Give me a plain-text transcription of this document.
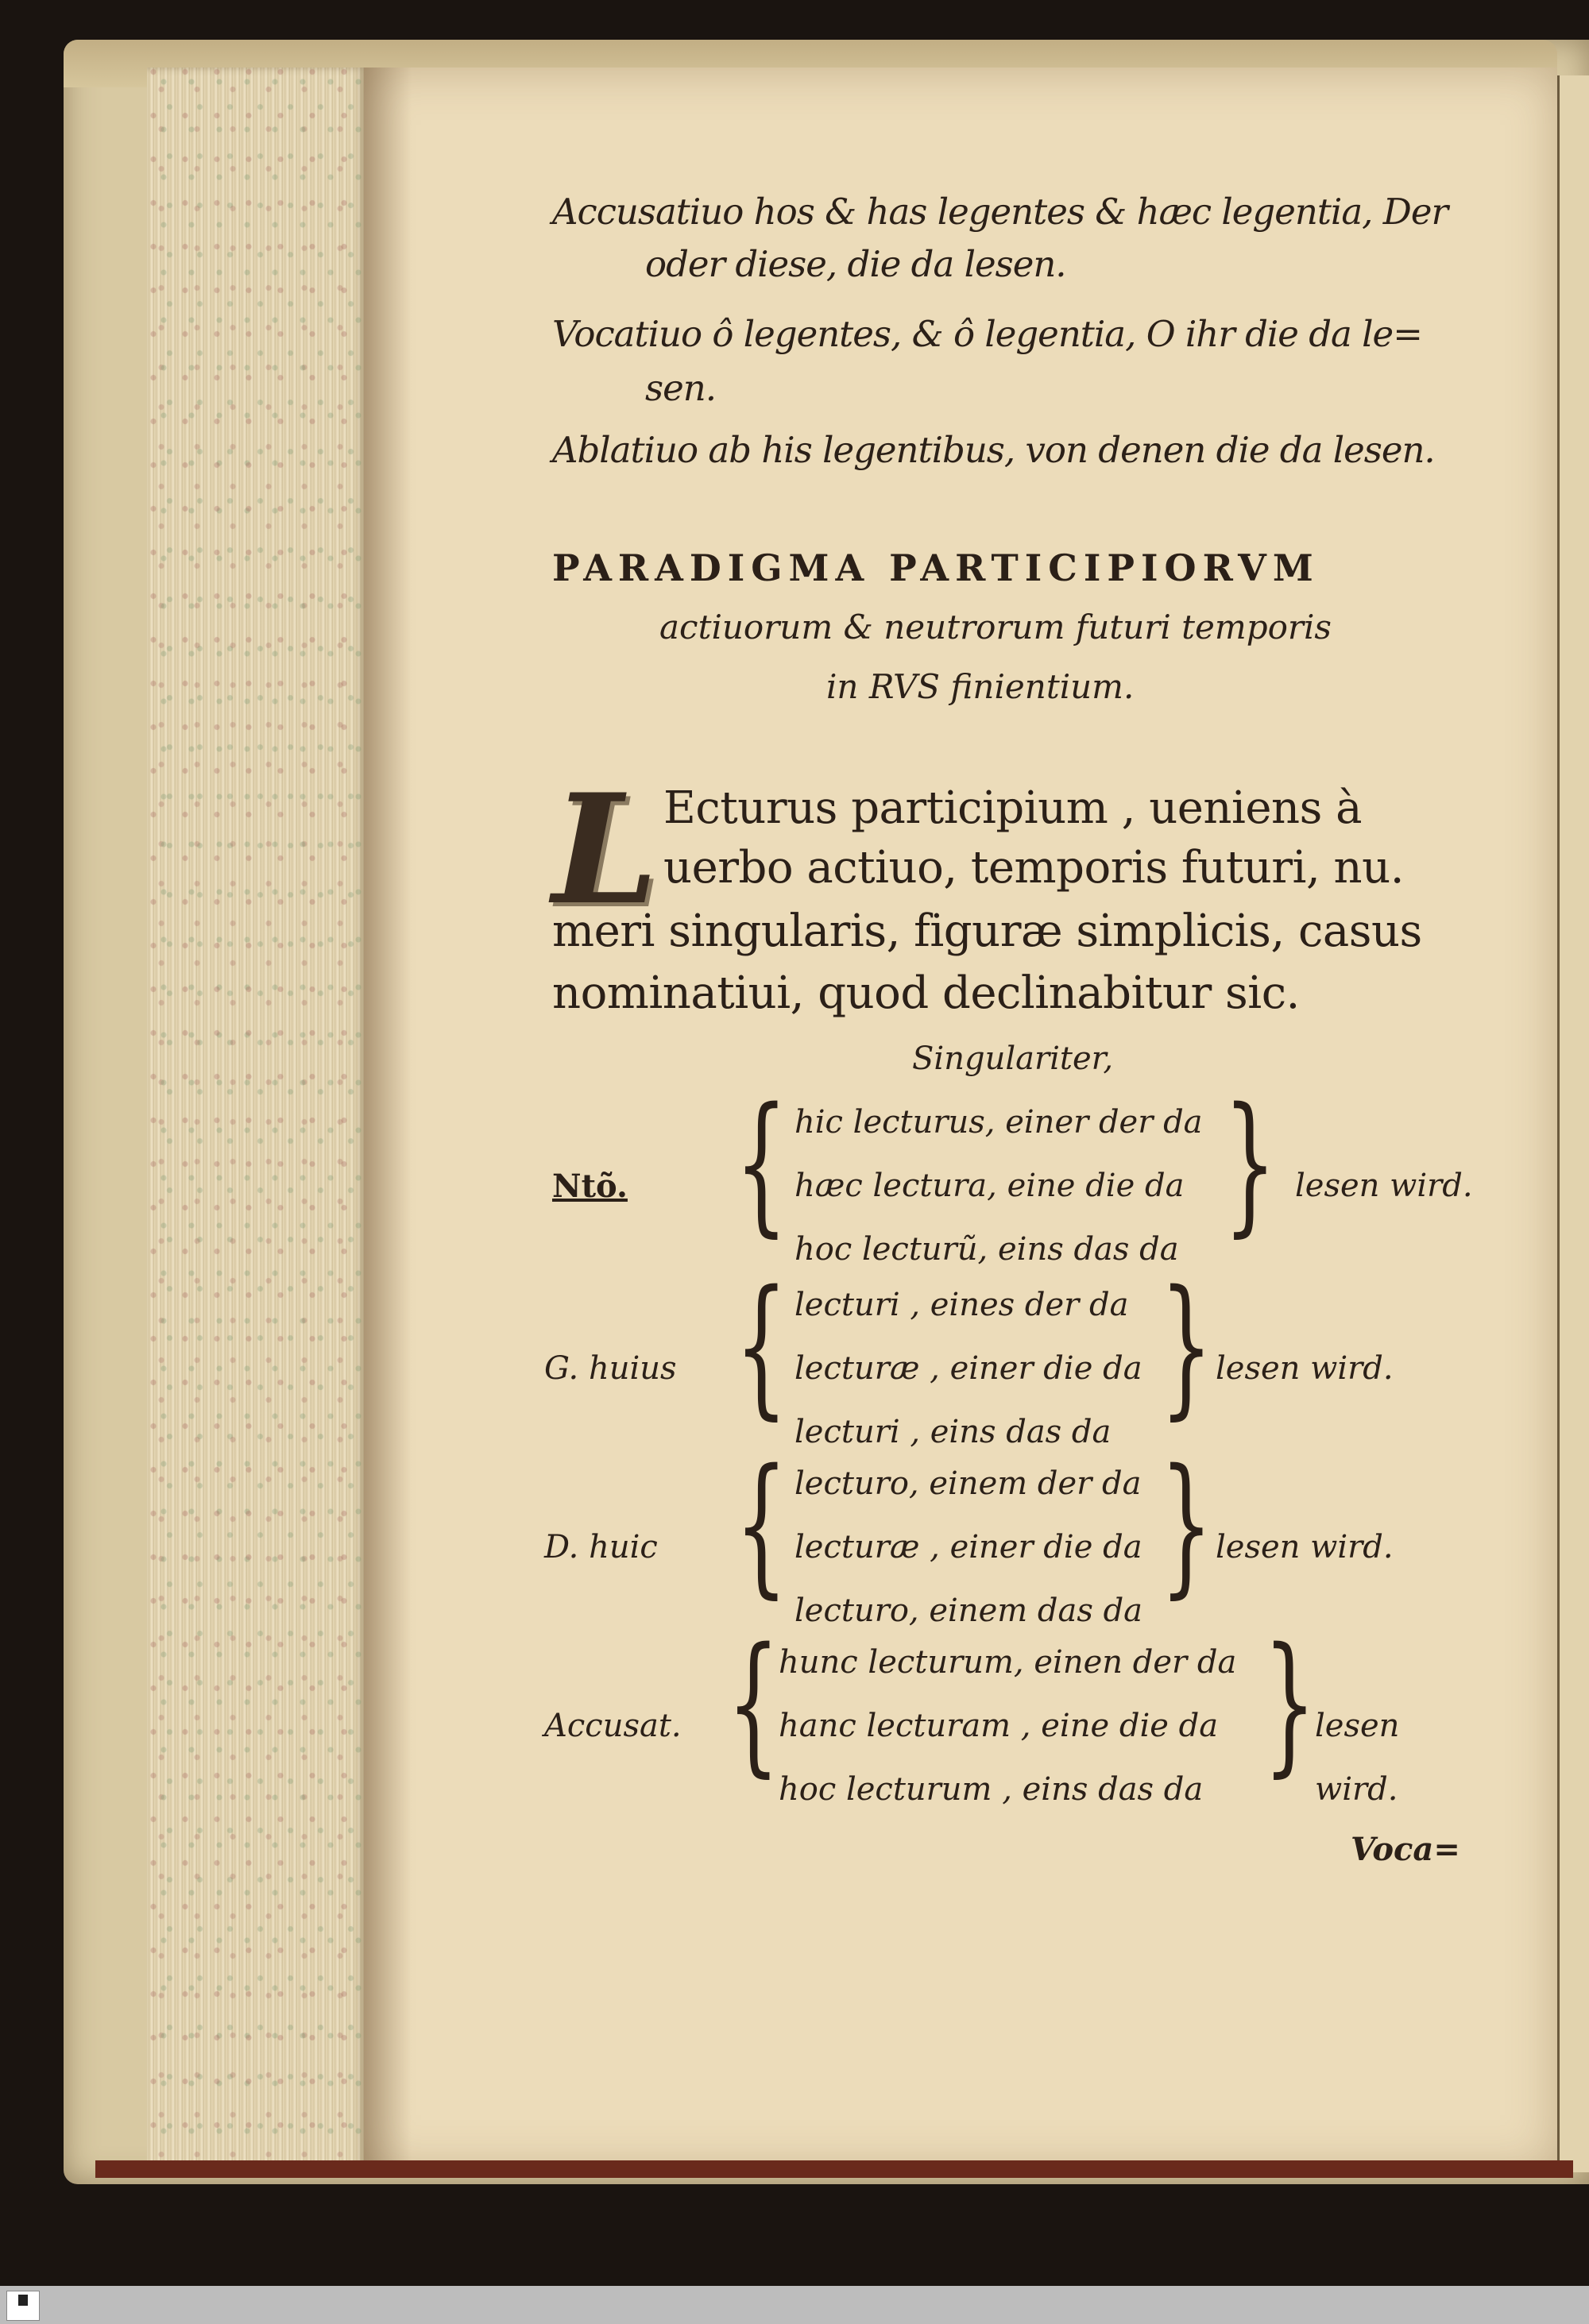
Accusatiuo hos & has legentes & hæc legentia, Der
oder diese, die da lesen.
Vocatiuo ô legentes, & ô legentia, O ihr die da le=
sen.
Ablatiuo ab his legentibus, von denen die da lesen.
PARADIGMA PARTICIPIORVM
actiuorum & neutrorum futuri temporis
in RVS finientium.
L Ecturus participium , ueniens à
uerbo actiuo, temporis futuri, nu.
meri singularis, figuræ simplicis, casus
nominatiui, quod declinabitur sic.
Singulariter,
Ntõ. { hic lecturus, einer der da
hæc lectura, eine die da
hoc lecturũ, eins das da } lesen wird.
G. huius { lecturi , eines der da
lecturæ , einer die da
lecturi , eins das da } lesen wird.
D. huic { lecturo, einem der da
lecturæ , einer die da
lecturo, einem das da } lesen wird.
Accusat. {
hunc lecturum, einen der da
hanc lecturam , eine die da
hoc lecturum , eins das da }
lesen
wird.
Voca=
